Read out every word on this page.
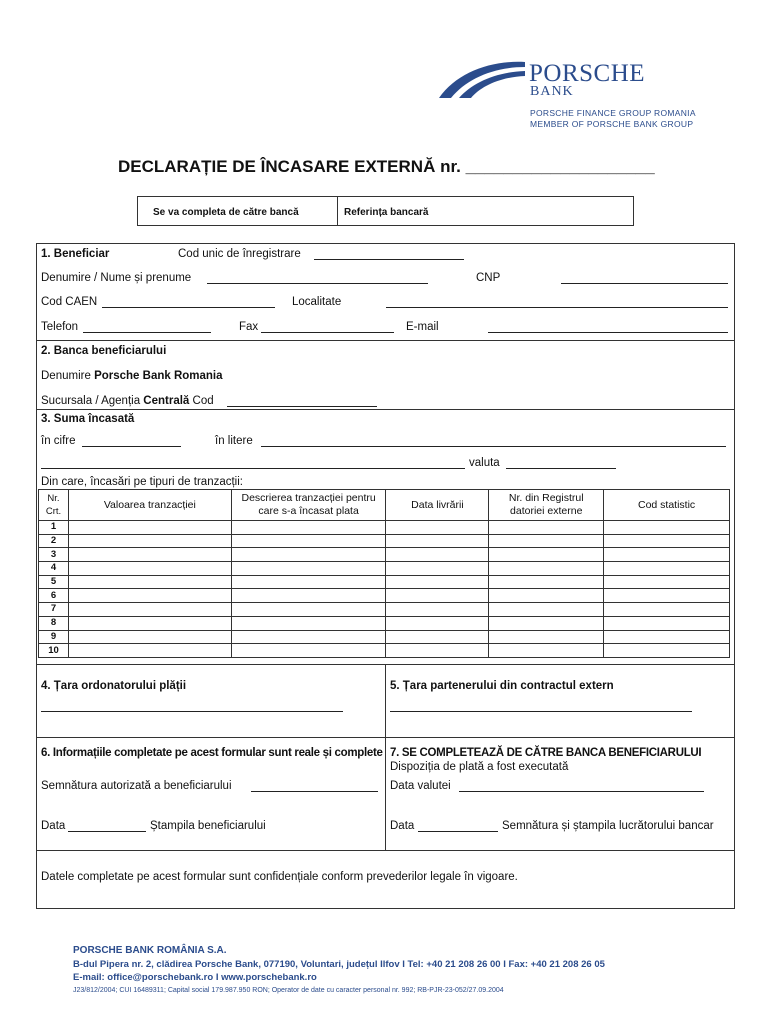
PORSCHE
BANK
PORSCHE FINANCE GROUP ROMANIA
MEMBER OF PORSCHE BANK GROUP
DECLARAȚIE DE ÎNCASARE EXTERNĂ nr. ____________________
Se va completa de către bancă	Referința bancară
1. Beneficiar	Cod unic de înregistrare
Denumire / Nume și prenume	CNP
Cod CAEN	Localitate
Telefon	Fax	E-mail
2. Banca beneficiarului
Denumire Porsche Bank Romania
Sucursala / Agenția Centrală Cod
3. Suma încasată
în cifre	în litere
valuta
Din care, încasări pe tipuri de tranzacții:
Nr. Crt.	Valoarea tranzacției	Descrierea tranzacției pentru care s-a încasat plata	Data livrării	Nr. din Registrul datoriei externe	Cod statistic
1					
2					
3					
4					
5					
6					
7					
8					
9					
10					
4. Țara ordonatorului plății	5. Țara partenerului din contractul extern
6. Informațiile completate pe acest formular sunt reale și complete
Semnătura autorizată a beneficiarului
Data	Ștampila beneficiarului
7. SE COMPLETEAZĂ DE CĂTRE BANCA BENEFICIARULUI
Dispoziția de plată a fost executată
Data valutei
Data	Semnătura și ștampila lucrătorului bancar
Datele completate pe acest formular sunt confidențiale conform prevederilor legale în vigoare.
PORSCHE BANK ROMÂNIA S.A.
B-dul Pipera nr. 2, clădirea Porsche Bank, 077190, Voluntari, județul Ilfov I Tel: +40 21 208 26 00 I Fax: +40 21 208 26 05
E-mail: office@porschebank.ro I www.porschebank.ro
J23/812/2004; CUI 16489311; Capital social 179.987.950 RON; Operator de date cu caracter personal nr. 992; RB-PJR-23-052/27.09.2004
